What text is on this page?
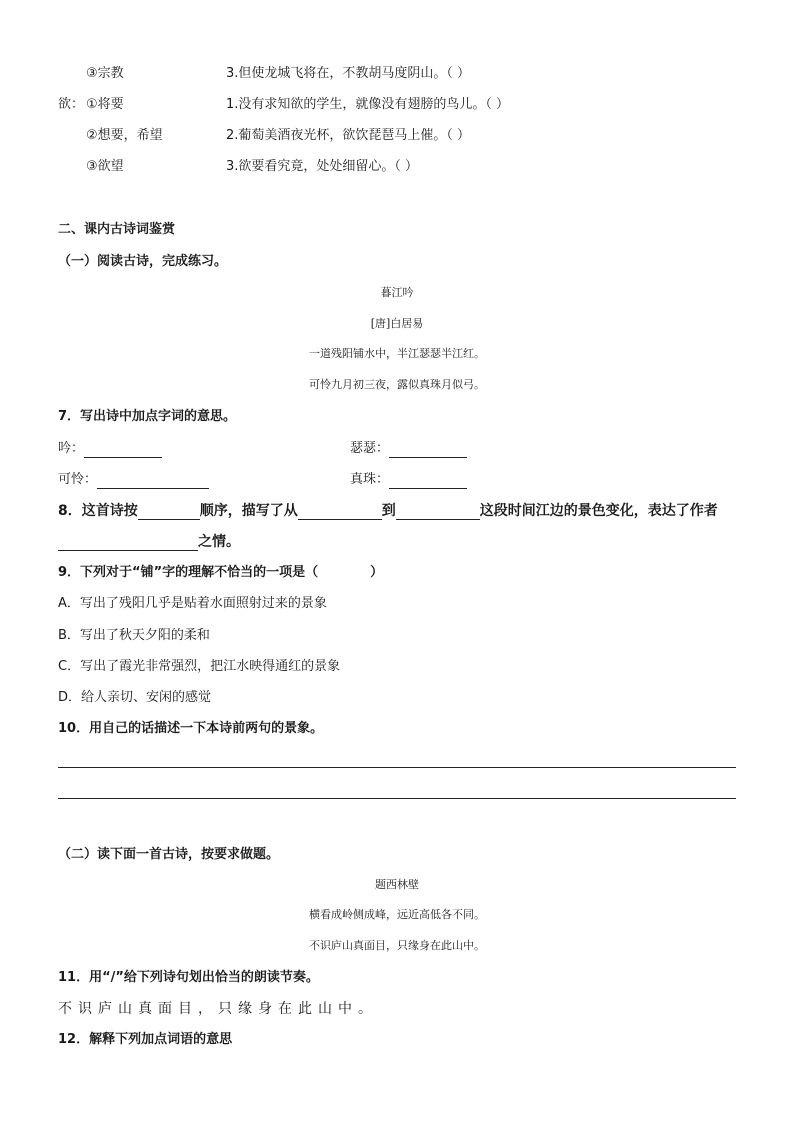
③宗教	3.但使龙城飞将在，不教胡马度阴山。（ ）
欲： ①将要	1.没有求知欲的学生，就像没有翅膀的鸟儿。（ ）
②想要，希望	2.葡萄美酒夜光杯，欲饮琵琶马上催。（ ）
③欲望	3.欲要看究竟，处处细留心。（ ）
二、课内古诗词鉴赏
（一）阅读古诗，完成练习。
暮江吟
[唐]白居易
一道残阳铺水中，半江瑟瑟半江红。
可怜九月初三夜，露似真珠月似弓。
7．写出诗中加点字词的意思。
吟：	瑟瑟：
可怜：	真珠：
8．这首诗按	顺序，描写了从	到	这段时间江边的景色变化，表达了作者
之情。
9．下列对于“铺”字的理解不恰当的一项是（　　　　）
A．写出了残阳几乎是贴着水面照射过来的景象
B．写出了秋天夕阳的柔和
C．写出了霞光非常强烈，把江水映得通红的景象
D．给人亲切、安闲的感觉
10．用自己的话描述一下本诗前两句的景象。
（二）读下面一首古诗，按要求做题。
题西林壁
横看成岭侧成峰，远近高低各不同。
不识庐山真面目，只缘身在此山中。
11．用“/”给下列诗句划出恰当的朗读节奏。
不识庐山真面目，只缘身在此山中。
12．解释下列加点词语的意思
